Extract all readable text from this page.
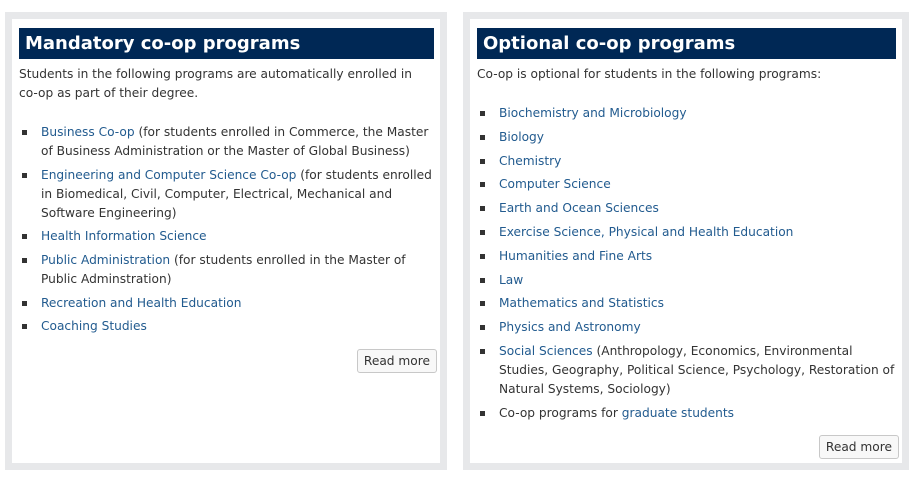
Mandatory co-op programs

Students in the following programs are automatically enrolled in co-op as part of their degree.

Business Co-op (for students enrolled in Commerce, the Master of Business Administration or the Master of Global Business)
Engineering and Computer Science Co-op (for students enrolled in Biomedical, Civil, Computer, Electrical, Mechanical and Software Engineering)
Health Information Science
Public Administration (for students enrolled in the Master of Public Adminstration)
Recreation and Health Education
Coaching Studies
Read more
Optional co-op programs

Co-op is optional for students in the following programs:

Biochemistry and Microbiology
Biology
Chemistry
Computer Science
Earth and Ocean Sciences
Exercise Science, Physical and Health Education
Humanities and Fine Arts
Law
Mathematics and Statistics
Physics and Astronomy
Social Sciences (Anthropology, Economics, Environmental Studies, Geography, Political Science, Psychology, Restoration of Natural Systems, Sociology)
Co-op programs for graduate students
Read more
